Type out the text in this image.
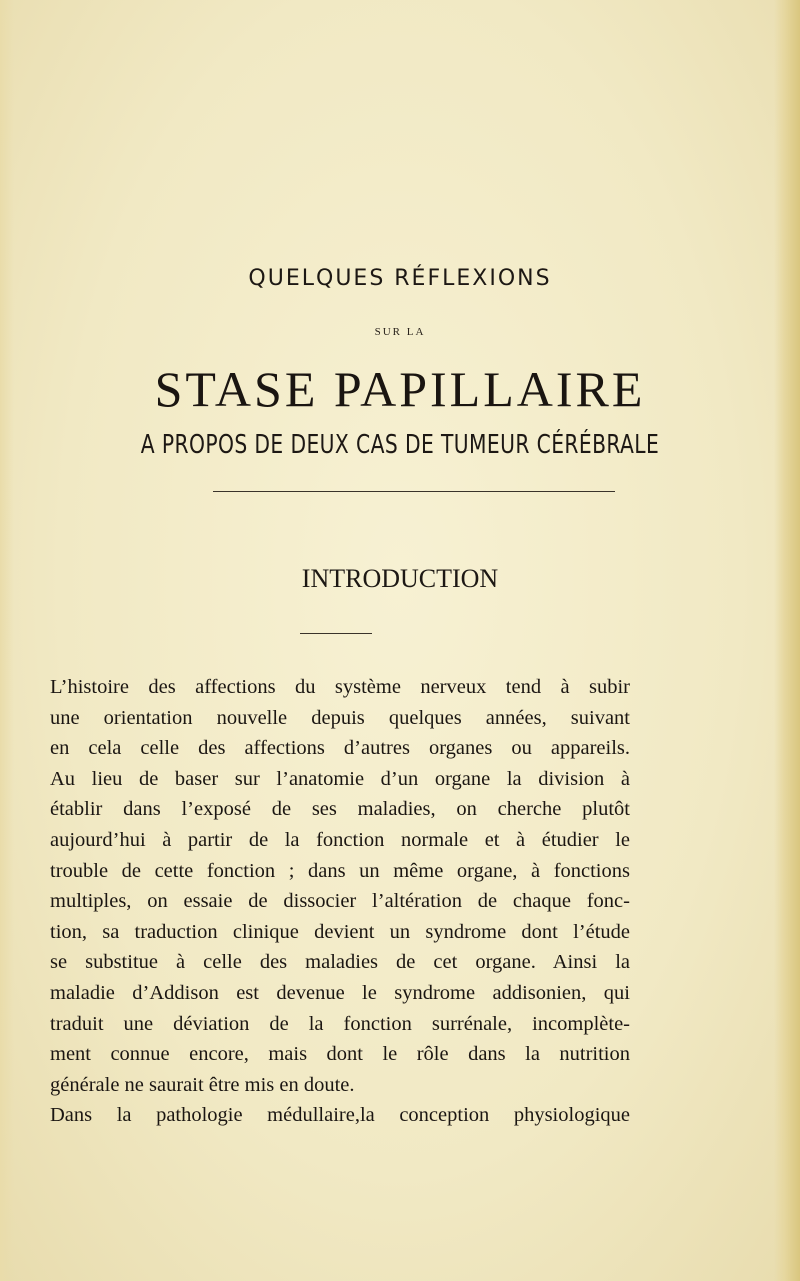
QUELQUES RÉFLEXIONS
SUR LA
STASE PAPILLAIRE
A PROPOS DE DEUX CAS DE TUMEUR CÉRÉBRALE
INTRODUCTION
L’histoire des affections du système nerveux tend à subir
une orientation nouvelle depuis quelques années, suivant
en cela celle des affections d’autres organes ou appareils.
Au lieu de baser sur l’anatomie d’un organe la division à
établir dans l’exposé de ses maladies, on cherche plutôt
aujourd’hui à partir de la fonction normale et à étudier le
trouble de cette fonction ; dans un même organe, à fonctions
multiples, on essaie de dissocier l’altération de chaque fonc-
tion, sa traduction clinique devient un syndrome dont l’étude
se substitue à celle des maladies de cet organe. Ainsi la
maladie d’Addison est devenue le syndrome addisonien, qui
traduit une déviation de la fonction surrénale, incomplète-
ment connue encore, mais dont le rôle dans la nutrition
générale ne saurait être mis en doute.
Dans la pathologie médullaire,la conception physiologique
